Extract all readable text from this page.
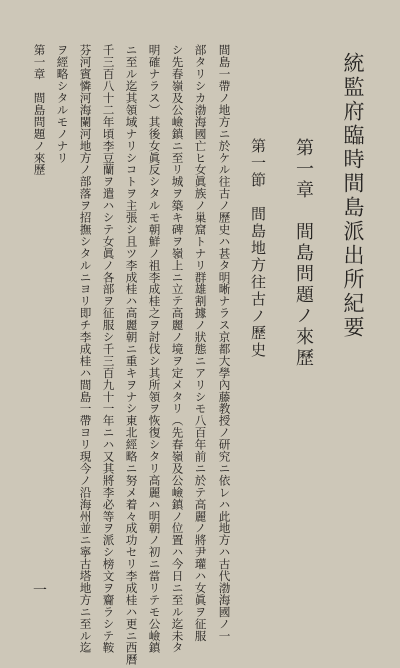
統監府臨時間島派出所紀要
第一章　間島問題ノ來歷
第一節　間島地方往古ノ歷史
間島一帶ノ地方ニ於ケル往古ノ歷史ハ甚タ明晰ナラス京都大學內藤教授ノ研究ニ依レハ此地方ハ古代渤海國ノ一
部タリシカ渤海國亡ヒ女眞族ノ巢窟トナリ群雄割據ノ狀態ニアリシモ八百年前ニ於テ高麗ノ將尹瓘ハ女眞ヲ征服
シ先春嶺及公嶮鎮ニ至リ城ヲ築キ碑ヲ嶺上ニ立テ高麗ノ境ヲ定メタリ（先春嶺及公嶮鎮ノ位置ハ今日ニ至ル迄未タ
明確ナラス）其後女眞反シタルモ朝鮮ノ祖李成桂之ヲ討伐シ其所領ヲ恢復シタリ高麗ハ明朝ノ初ニ當リテモ公嶮鎮
ニ至ル迄其領域ナリシコトヲ主張シ且ツ李成桂ハ高麗朝ニ重キヲナシ東北經略ニ努メ着々成功セリ李成桂ハ更ニ西曆
千三百八十二年頃李豆蘭ヲ遣ハシテ女眞ノ各部ヲ征服シ千三百九十一年ニハ又其將李必等ヲ派シ榜文ヲ齎ラシテ鞍
芬河賓憐河海闌河地方ノ部落ヲ招撫シタルニヨリ即チ李成桂ハ間島一帶ヨリ現今ノ沿海州並ニ寧古塔地方ニ至ル迄
ヲ經略シタルモノナリ
第一章　間島問題ノ來歷
一
